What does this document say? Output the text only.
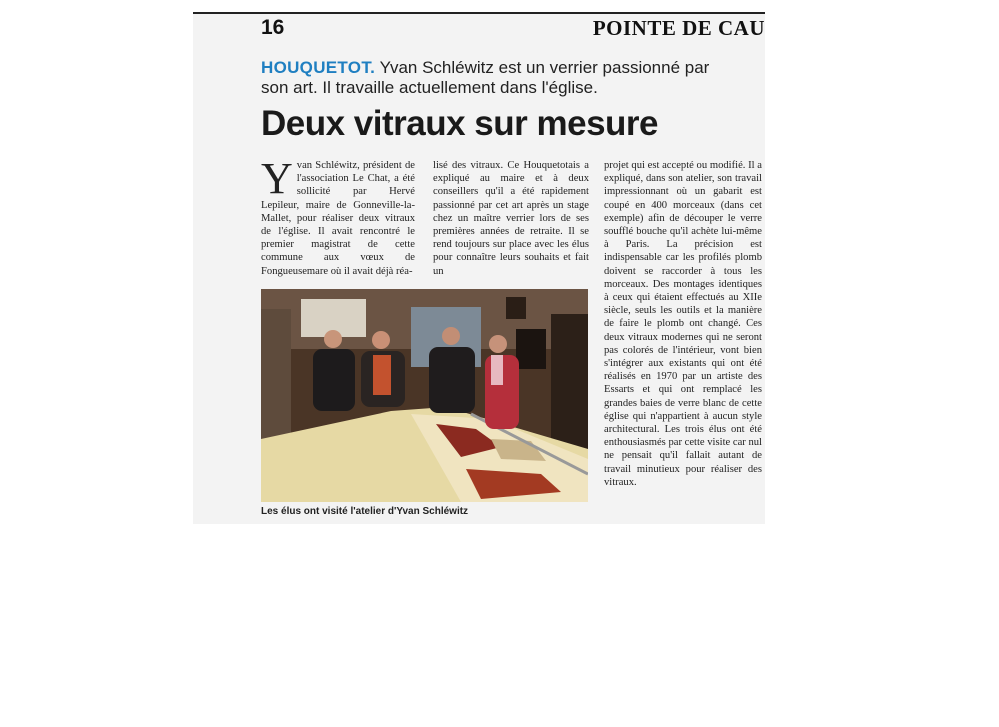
16	POINTE DE CAU
HOUQUETOT. Yvan Schléwitz est un verrier passionné par son art. Il travaille actuellement dans l'église.
Deux vitraux sur mesure
Y van Schléwitz, président de l'association Le Chat, a été sollicité par Hervé Lepileur, maire de Gonneville-la-Mallet, pour réaliser deux vitraux de l'église. Il avait rencontré le premier magistrat de cette commune aux vœux de Fongueusemare où il avait déjà réa-
lisé des vitraux. Ce Houquetotais a expliqué au maire et à deux conseillers qu'il a été rapidement passionné par cet art après un stage chez un maître verrier lors de ses premières années de retraite. Il se rend toujours sur place avec les élus pour connaître leurs souhaits et fait un
projet qui est accepté ou modifié. Il a expliqué, dans son atelier, son travail impressionnant où un gabarit est coupé en 400 morceaux (dans cet exemple) afin de découper le verre soufflé bouche qu'il achète lui-même à Paris. La précision est indispensable car les profilés plomb doivent se raccorder à tous les morceaux. Des montages identiques à ceux qui étaient effectués au XIIe siècle, seuls les outils et la manière de faire le plomb ont changé. Ces deux vitraux modernes qui ne seront pas colorés de l'intérieur, vont bien s'intégrer aux existants qui ont été réalisés en 1970 par un artiste des Essarts et qui ont remplacé les grandes baies de verre blanc de cette église qui n'appartient à aucun style architectural. Les trois élus ont été enthousiasmés par cette visite car nul ne pensait qu'il fallait autant de travail minutieux pour réaliser des vitraux.
Les élus ont visité l'atelier d'Yvan Schléwitz
